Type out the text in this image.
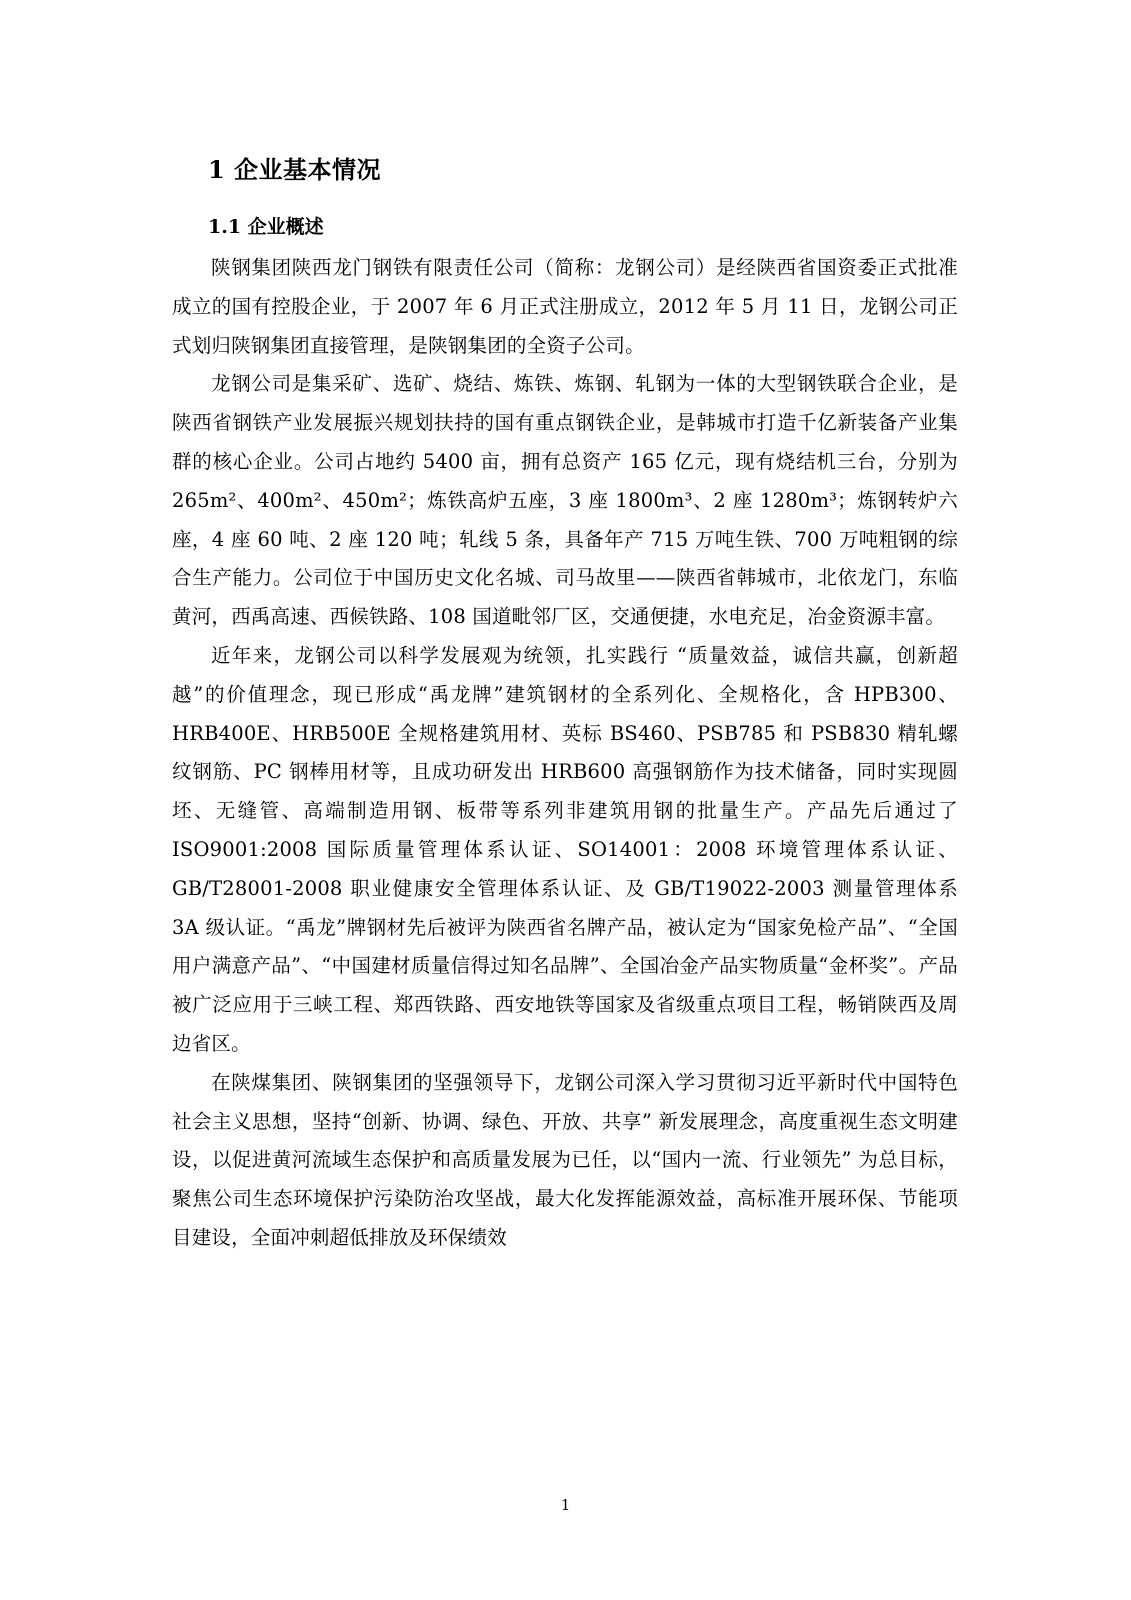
1 企业基本情况
1.1 企业概述

陕钢集团陕西龙门钢铁有限责任公司（简称：龙钢公司）是经陕西省国资委正式批准成立的国有控股企业，于 2007 年 6 月正式注册成立，2012 年 5 月 11 日，龙钢公司正式划归陕钢集团直接管理，是陕钢集团的全资子公司。

龙钢公司是集采矿、选矿、烧结、炼铁、炼钢、轧钢为一体的大型钢铁联合企业，是陕西省钢铁产业发展振兴规划扶持的国有重点钢铁企业，是韩城市打造千亿新装备产业集群的核心企业。公司占地约 5400 亩，拥有总资产 165 亿元，现有烧结机三台，分别为 265m²、400m²、450m²；炼铁高炉五座，3 座 1800m³、2 座 1280m³；炼钢转炉六座，4 座 60 吨、2 座 120 吨；轧线 5 条，具备年产 715 万吨生铁、700 万吨粗钢的综合生产能力。公司位于中国历史文化名城、司马故里——陕西省韩城市，北依龙门，东临黄河，西禹高速、西候铁路、108 国道毗邻厂区，交通便捷，水电充足，冶金资源丰富。

近年来，龙钢公司以科学发展观为统领，扎实践行 “质量效益，诚信共赢，创新超越”的价值理念，现已形成“禹龙牌”建筑钢材的全系列化、全规格化，含 HPB300、HRB400E、HRB500E 全规格建筑用材、英标 BS460、PSB785 和 PSB830 精轧螺纹钢筋、PC 钢棒用材等，且成功研发出 HRB600 高强钢筋作为技术储备，同时实现圆坯、无缝管、高端制造用钢、板带等系列非建筑用钢的批量生产。产品先后通过了 ISO9001:2008 国际质量管理体系认证、SO14001：2008 环境管理体系认证、GB/T28001-2008 职业健康安全管理体系认证、及 GB/T19022-2003 测量管理体系 3A 级认证。“禹龙”牌钢材先后被评为陕西省名牌产品，被认定为“国家免检产品”、“全国用户满意产品”、“中国建材质量信得过知名品牌”、全国冶金产品实物质量“金杯奖”。产品被广泛应用于三峡工程、郑西铁路、西安地铁等国家及省级重点项目工程，畅销陕西及周边省区。

在陕煤集团、陕钢集团的坚强领导下，龙钢公司深入学习贯彻习近平新时代中国特色社会主义思想，坚持“创新、协调、绿色、开放、共享” 新发展理念，高度重视生态文明建设，以促进黄河流域生态保护和高质量发展为已任，以“国内一流、行业领先” 为总目标，聚焦公司生态环境保护污染防治攻坚战，最大化发挥能源效益，高标准开展环保、节能项目建设，全面冲刺超低排放及环保绩效

1
